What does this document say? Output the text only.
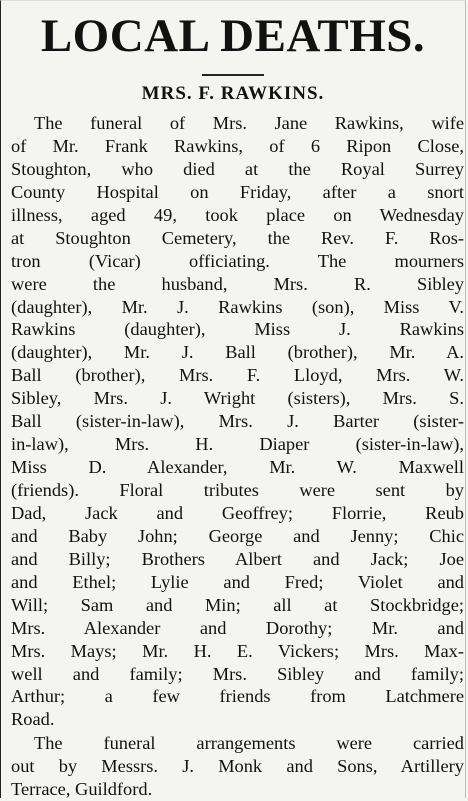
LOCAL DEATHS.
MRS. F. RAWKINS.
The funeral of Mrs. Jane Rawkins, wife
of Mr. Frank Rawkins, of 6 Ripon Close,
Stoughton, who died at the Royal Surrey
County Hospital on Friday, after a snort
illness, aged 49, took place on Wednesday
at Stoughton Cemetery, the Rev. F. Ros-
tron (Vicar) officiating. The mourners
were the husband, Mrs. R. Sibley
(daughter), Mr. J. Rawkins (son), Miss V.
Rawkins (daughter), Miss J. Rawkins
(daughter), Mr. J. Ball (brother), Mr. A.
Ball (brother), Mrs. F. Lloyd, Mrs. W.
Sibley, Mrs. J. Wright (sisters), Mrs. S.
Ball (sister-in-law), Mrs. J. Barter (sister-
in-law), Mrs. H. Diaper (sister-in-law),
Miss D. Alexander, Mr. W. Maxwell
(friends). Floral tributes were sent by
Dad, Jack and Geoffrey; Florrie, Reub
and Baby John; George and Jenny; Chic
and Billy; Brothers Albert and Jack; Joe
and Ethel; Lylie and Fred; Violet and
Will; Sam and Min; all at Stockbridge;
Mrs. Alexander and Dorothy; Mr. and
Mrs. Mays; Mr. H. E. Vickers; Mrs. Max-
well and family; Mrs. Sibley and family;
Arthur; a few friends from Latchmere
Road.
The funeral arrangements were carried
out by Messrs. J. Monk and Sons, Artillery
Terrace, Guildford.
